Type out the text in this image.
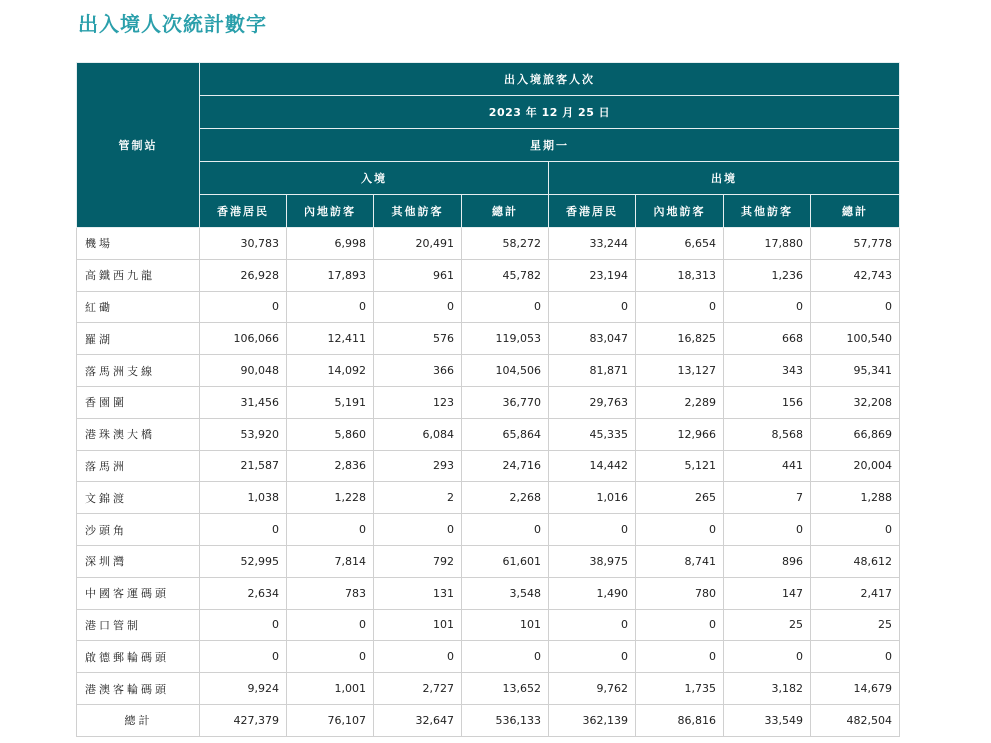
出入境人次統計數字
管制站	出入境旅客人次							
	2023 年 12 月 25 日							
	星期一							
	入境				出境			
	香港居民	內地訪客	其他訪客	總計	香港居民	內地訪客	其他訪客	總計
機場	30,783	6,998	20,491	58,272	33,244	6,654	17,880	57,778
高鐵西九龍	26,928	17,893	961	45,782	23,194	18,313	1,236	42,743
紅磡	0	0	0	0	0	0	0	0
羅湖	106,066	12,411	576	119,053	83,047	16,825	668	100,540
落馬洲支線	90,048	14,092	366	104,506	81,871	13,127	343	95,341
香園圍	31,456	5,191	123	36,770	29,763	2,289	156	32,208
港珠澳大橋	53,920	5,860	6,084	65,864	45,335	12,966	8,568	66,869
落馬洲	21,587	2,836	293	24,716	14,442	5,121	441	20,004
文錦渡	1,038	1,228	2	2,268	1,016	265	7	1,288
沙頭角	0	0	0	0	0	0	0	0
深圳灣	52,995	7,814	792	61,601	38,975	8,741	896	48,612
中國客運碼頭	2,634	783	131	3,548	1,490	780	147	2,417
港口管制	0	0	101	101	0	0	25	25
啟德郵輪碼頭	0	0	0	0	0	0	0	0
港澳客輪碼頭	9,924	1,001	2,727	13,652	9,762	1,735	3,182	14,679
總計	427,379	76,107	32,647	536,133	362,139	86,816	33,549	482,504
